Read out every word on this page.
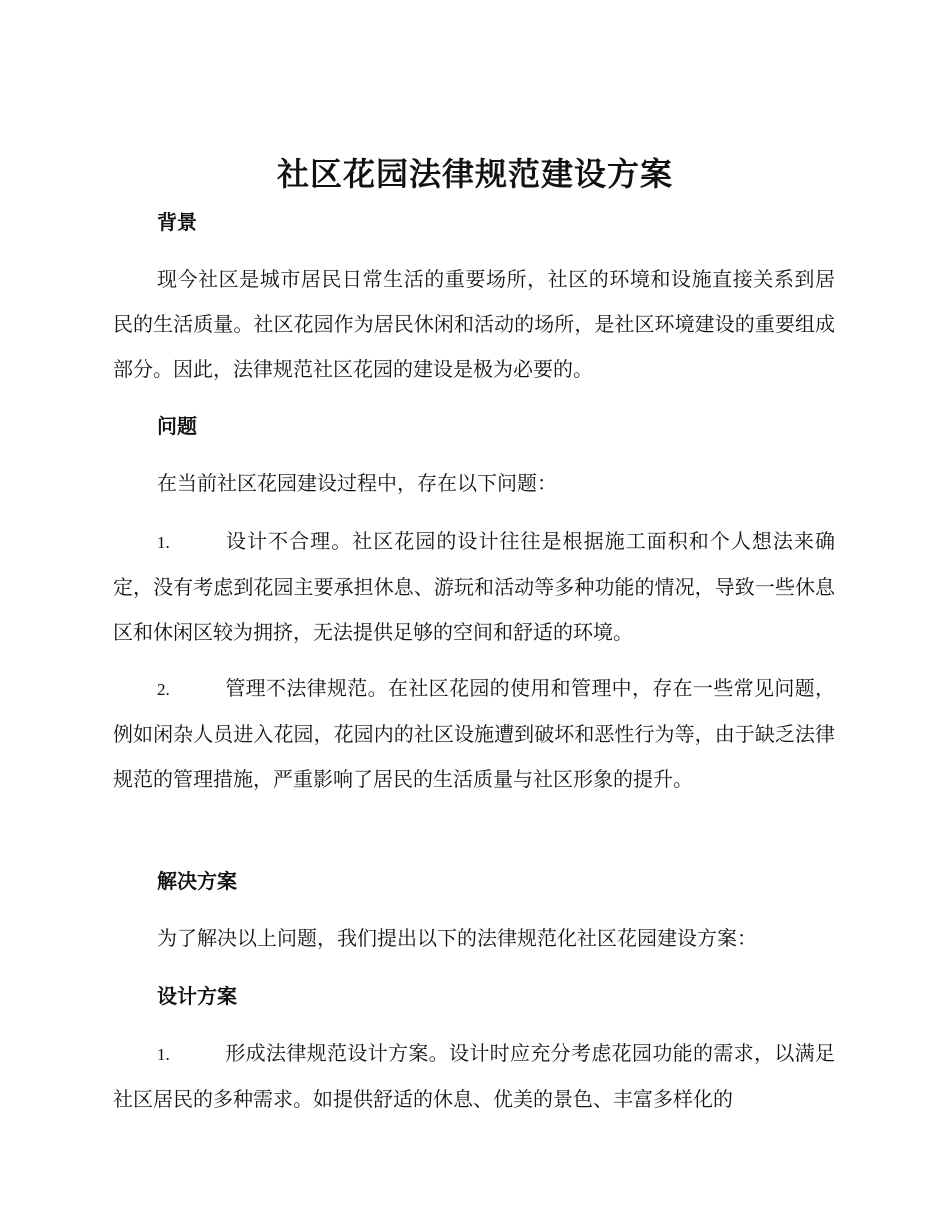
社区花园法律规范建设方案
背景

现今社区是城市居民日常生活的重要场所，社区的环境和设施直接关系到居民的生活质量。社区花园作为居民休闲和活动的场所，是社区环境建设的重要组成部分。因此，法律规范社区花园的建设是极为必要的。

问题

在当前社区花园建设过程中，存在以下问题：

1.	设计不合理。社区花园的设计往往是根据施工面积和个人想法来确定，没有考虑到花园主要承担休息、游玩和活动等多种功能的情况，导致一些休息区和休闲区较为拥挤，无法提供足够的空间和舒适的环境。

2.	管理不法律规范。在社区花园的使用和管理中，存在一些常见问题，例如闲杂人员进入花园，花园内的社区设施遭到破坏和恶性行为等，由于缺乏法律规范的管理措施，严重影响了居民的生活质量与社区形象的提升。

解决方案

为了解决以上问题，我们提出以下的法律规范化社区花园建设方案：

设计方案

1.	形成法律规范设计方案。设计时应充分考虑花园功能的需求，以满足社区居民的多种需求。如提供舒适的休息、优美的景色、丰富多样化的
